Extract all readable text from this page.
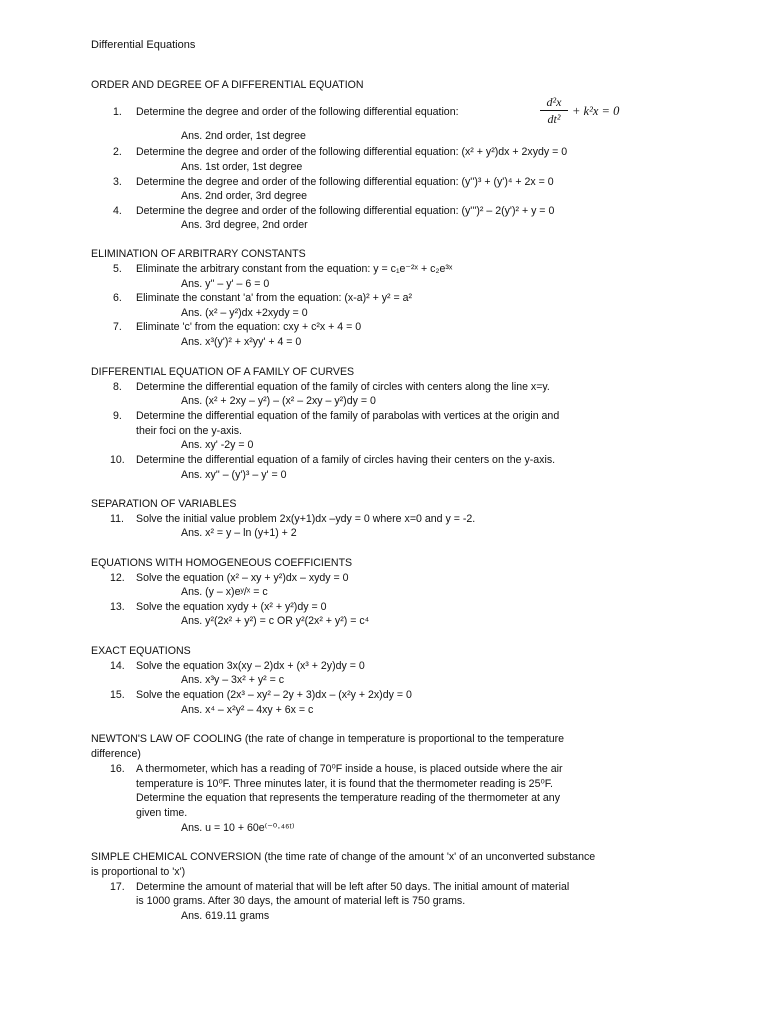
Differential Equations
ORDER AND DEGREE OF A DIFFERENTIAL EQUATION
1. Determine the degree and order of the following differential equation:
d²x
dt²
+ k²x = 0
Ans. 2nd order, 1st degree
2. Determine the degree and order of the following differential equation: (x² + y²)dx + 2xydy = 0
Ans. 1st order, 1st degree
3. Determine the degree and order of the following differential equation: (y'')³ + (y')⁴ + 2x = 0
Ans. 2nd order, 3rd degree
4. Determine the degree and order of the following differential equation: (y''')² – 2(y')² + y = 0
Ans. 3rd degree, 2nd order
ELIMINATION OF ARBITRARY CONSTANTS
5. Eliminate the arbitrary constant from the equation: y = c₁e⁻²ˣ + c₂e³ˣ
Ans. y'' – y' – 6 = 0
6. Eliminate the constant 'a' from the equation: (x-a)² + y² = a²
Ans. (x² – y²)dx +2xydy = 0
7. Eliminate 'c' from the equation: cxy + c²x + 4 = 0
Ans. x³(y')² + x²yy' + 4 = 0
DIFFERENTIAL EQUATION OF A FAMILY OF CURVES
8. Determine the differential equation of the family of circles with centers along the line x=y.
Ans. (x² + 2xy – y²) – (x² – 2xy – y²)dy = 0
9. Determine the differential equation of the family of parabolas with vertices at the origin and
their foci on the y-axis.
Ans. xy' -2y = 0
10. Determine the differential equation of a family of circles having their centers on the y-axis.
Ans. xy'' – (y')³ – y' = 0
SEPARATION OF VARIABLES
11. Solve the initial value problem 2x(y+1)dx –ydy = 0 where x=0 and y = -2.
Ans. x² = y – ln (y+1) + 2
EQUATIONS WITH HOMOGENEOUS COEFFICIENTS
12. Solve the equation (x² – xy + y²)dx – xydy = 0
Ans. (y – x)eʸ/ˣ = c
13. Solve the equation xydy + (x² + y²)dy = 0
Ans. y²(2x² + y²) = c OR y²(2x² + y²) = c⁴
EXACT EQUATIONS
14. Solve the equation 3x(xy – 2)dx + (x³ + 2y)dy = 0
Ans. x³y – 3x² + y² = c
15. Solve the equation (2x³ – xy² – 2y + 3)dx – (x²y + 2x)dy = 0
Ans. x⁴ – x²y² – 4xy + 6x = c
NEWTON'S LAW OF COOLING (the rate of change in temperature is proportional to the temperature
difference)
16. A thermometer, which has a reading of 70⁰F inside a house, is placed outside where the air
temperature is 10⁰F. Three minutes later, it is found that the thermometer reading is 25⁰F.
Determine the equation that represents the temperature reading of the thermometer at any
given time.
Ans. u = 10 + 60e⁽⁻⁰·⁴⁶ᵗ⁾
SIMPLE CHEMICAL CONVERSION (the time rate of change of the amount 'x' of an unconverted substance
is proportional to 'x')
17. Determine the amount of material that will be left after 50 days. The initial amount of material
is 1000 grams. After 30 days, the amount of material left is 750 grams.
Ans. 619.11 grams
